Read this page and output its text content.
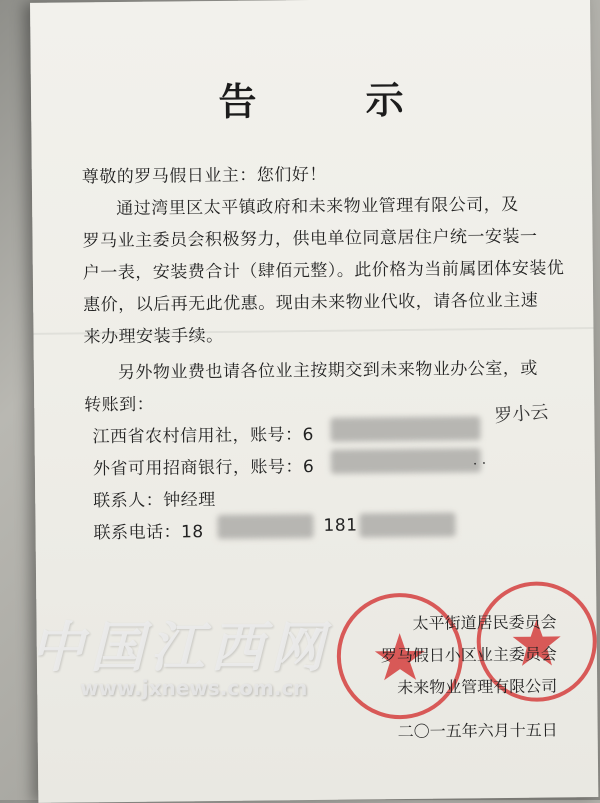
告 示
尊敬的罗马假日业主：您们好！
通过湾里区太平镇政府和未来物业管理有限公司，及
罗马业主委员会积极努力，供电单位同意居住户统一安装一
户一表，安装费合计（肆佰元整）。此价格为当前属团体安装优
惠价，以后再无此优惠。现由未来物业代收，请各位业主速
来办理安装手续。
另外物业费也请各位业主按期交到未来物业办公室，或
转账到：
江西省农村信用社，账号：6
罗小云
外省可用招商银行，账号：6	· ·
联系人：钟经理
联系电话：18	181
太平街道居民委员会
罗马假日小区业主委员会
未来物业管理有限公司
二〇一五年六月十五日
中国江西网
www.jxnews.com.cn
